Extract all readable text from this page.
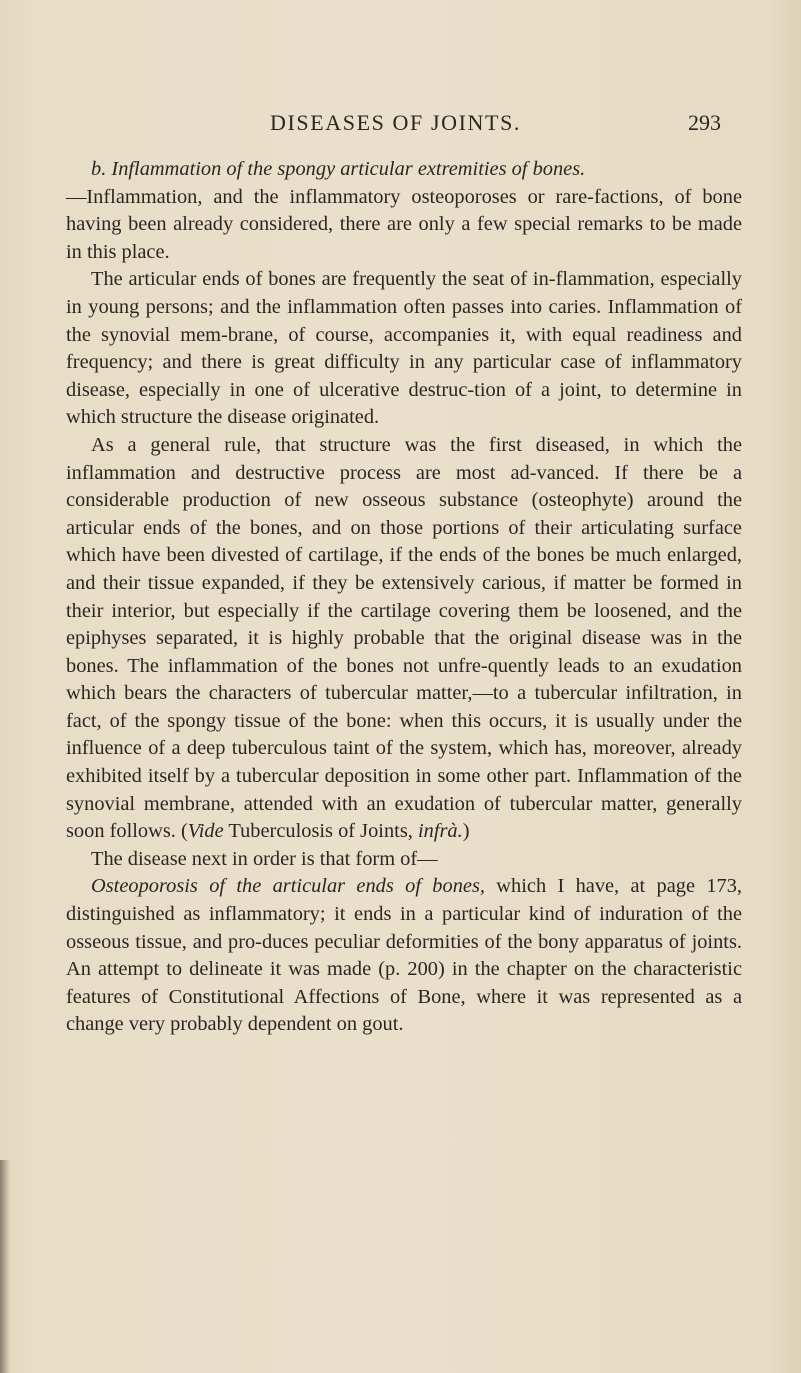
DISEASES OF JOINTS.	293

b. Inflammation of the spongy articular extremities of bones.
—Inflammation, and the inflammatory osteoporoses or rare-factions, of bone having been already considered, there are only a few special remarks to be made in this place.

The articular ends of bones are frequently the seat of in-flammation, especially in young persons; and the inflammation often passes into caries. Inflammation of the synovial mem-brane, of course, accompanies it, with equal readiness and frequency; and there is great difficulty in any particular case of inflammatory disease, especially in one of ulcerative destruc-tion of a joint, to determine in which structure the disease originated.

As a general rule, that structure was the first diseased, in which the inflammation and destructive process are most ad-vanced. If there be a considerable production of new osseous substance (osteophyte) around the articular ends of the bones, and on those portions of their articulating surface which have been divested of cartilage, if the ends of the bones be much enlarged, and their tissue expanded, if they be extensively carious, if matter be formed in their interior, but especially if the cartilage covering them be loosened, and the epiphyses separated, it is highly probable that the original disease was in the bones. The inflammation of the bones not unfre-quently leads to an exudation which bears the characters of tubercular matter,—to a tubercular infiltration, in fact, of the spongy tissue of the bone: when this occurs, it is usually under the influence of a deep tuberculous taint of the system, which has, moreover, already exhibited itself by a tubercular deposition in some other part. Inflammation of the synovial membrane, attended with an exudation of tubercular matter, generally soon follows. (Vide Tuberculosis of Joints, infrà.)

The disease next in order is that form of—

Osteoporosis of the articular ends of bones, which I have, at page 173, distinguished as inflammatory; it ends in a particular kind of induration of the osseous tissue, and pro-duces peculiar deformities of the bony apparatus of joints. An attempt to delineate it was made (p. 200) in the chapter on the characteristic features of Constitutional Affections of Bone, where it was represented as a change very probably dependent on gout.
